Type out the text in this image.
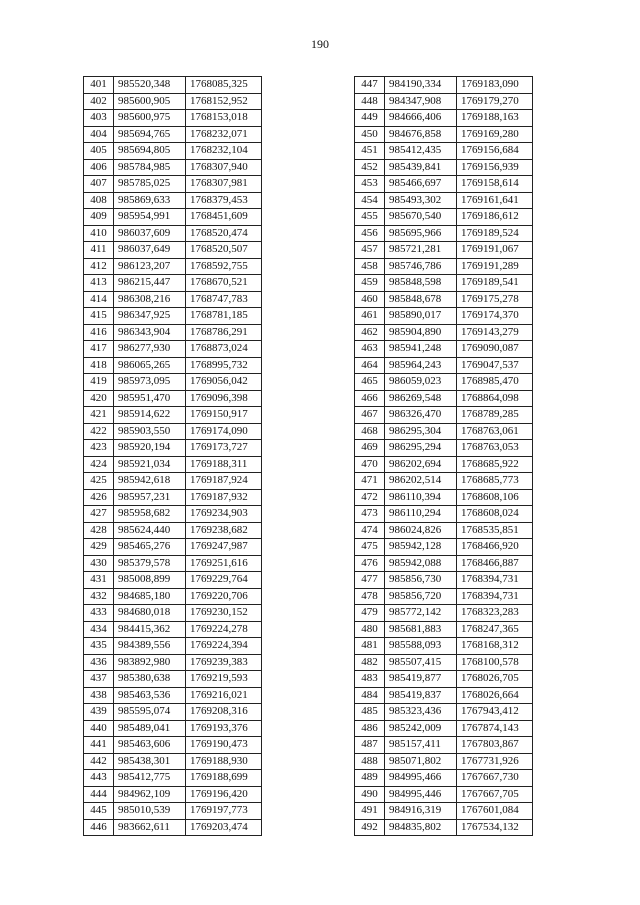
190
401	985520,348	1768085,325
402	985600,905	1768152,952
403	985600,975	1768153,018
404	985694,765	1768232,071
405	985694,805	1768232,104
406	985784,985	1768307,940
407	985785,025	1768307,981
408	985869,633	1768379,453
409	985954,991	1768451,609
410	986037,609	1768520,474
411	986037,649	1768520,507
412	986123,207	1768592,755
413	986215,447	1768670,521
414	986308,216	1768747,783
415	986347,925	1768781,185
416	986343,904	1768786,291
417	986277,930	1768873,024
418	986065,265	1768995,732
419	985973,095	1769056,042
420	985951,470	1769096,398
421	985914,622	1769150,917
422	985903,550	1769174,090
423	985920,194	1769173,727
424	985921,034	1769188,311
425	985942,618	1769187,924
426	985957,231	1769187,932
427	985958,682	1769234,903
428	985624,440	1769238,682
429	985465,276	1769247,987
430	985379,578	1769251,616
431	985008,899	1769229,764
432	984685,180	1769220,706
433	984680,018	1769230,152
434	984415,362	1769224,278
435	984389,556	1769224,394
436	983892,980	1769239,383
437	985380,638	1769219,593
438	985463,536	1769216,021
439	985595,074	1769208,316
440	985489,041	1769193,376
441	985463,606	1769190,473
442	985438,301	1769188,930
443	985412,775	1769188,699
444	984962,109	1769196,420
445	985010,539	1769197,773
446	983662,611	1769203,474
447	984190,334	1769183,090
448	984347,908	1769179,270
449	984666,406	1769188,163
450	984676,858	1769169,280
451	985412,435	1769156,684
452	985439,841	1769156,939
453	985466,697	1769158,614
454	985493,302	1769161,641
455	985670,540	1769186,612
456	985695,966	1769189,524
457	985721,281	1769191,067
458	985746,786	1769191,289
459	985848,598	1769189,541
460	985848,678	1769175,278
461	985890,017	1769174,370
462	985904,890	1769143,279
463	985941,248	1769090,087
464	985964,243	1769047,537
465	986059,023	1768985,470
466	986269,548	1768864,098
467	986326,470	1768789,285
468	986295,304	1768763,061
469	986295,294	1768763,053
470	986202,694	1768685,922
471	986202,514	1768685,773
472	986110,394	1768608,106
473	986110,294	1768608,024
474	986024,826	1768535,851
475	985942,128	1768466,920
476	985942,088	1768466,887
477	985856,730	1768394,731
478	985856,720	1768394,731
479	985772,142	1768323,283
480	985681,883	1768247,365
481	985588,093	1768168,312
482	985507,415	1768100,578
483	985419,877	1768026,705
484	985419,837	1768026,664
485	985323,436	1767943,412
486	985242,009	1767874,143
487	985157,411	1767803,867
488	985071,802	1767731,926
489	984995,466	1767667,730
490	984995,446	1767667,705
491	984916,319	1767601,084
492	984835,802	1767534,132
